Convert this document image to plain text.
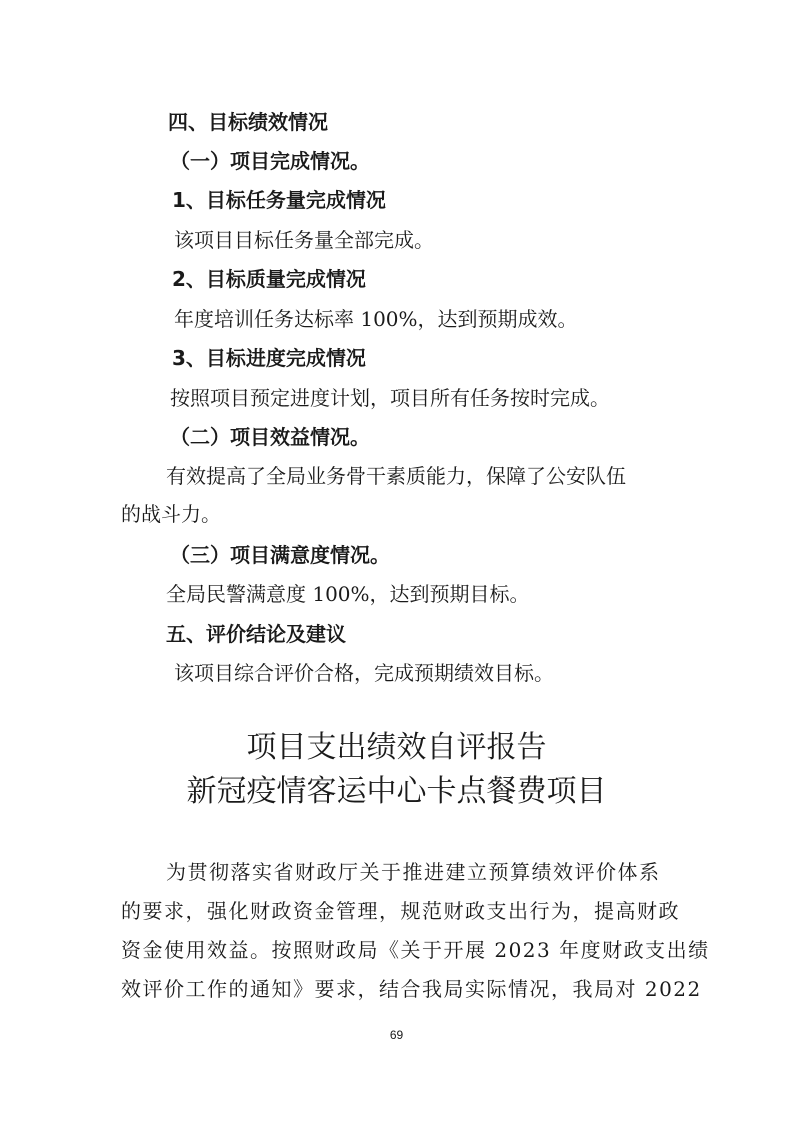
四、目标绩效情况
（一）项目完成情况。
1、目标任务量完成情况
该项目目标任务量全部完成。
2、目标质量完成情况
年度培训任务达标率 100%，达到预期成效。
3、目标进度完成情况
按照项目预定进度计划，项目所有任务按时完成。
（二）项目效益情况。
有效提高了全局业务骨干素质能力，保障了公安队伍
的战斗力。
（三）项目满意度情况。
全局民警满意度 100%，达到预期目标。
五、评价结论及建议
该项目综合评价合格，完成预期绩效目标。
项目支出绩效自评报告
新冠疫情客运中心卡点餐费项目
为贯彻落实省财政厅关于推进建立预算绩效评价体系
的要求，强化财政资金管理，规范财政支出行为，提高财政
资金使用效益。按照财政局《关于开展 2023 年度财政支出绩
效评价工作的通知》要求，结合我局实际情况，我局对 2022
69
